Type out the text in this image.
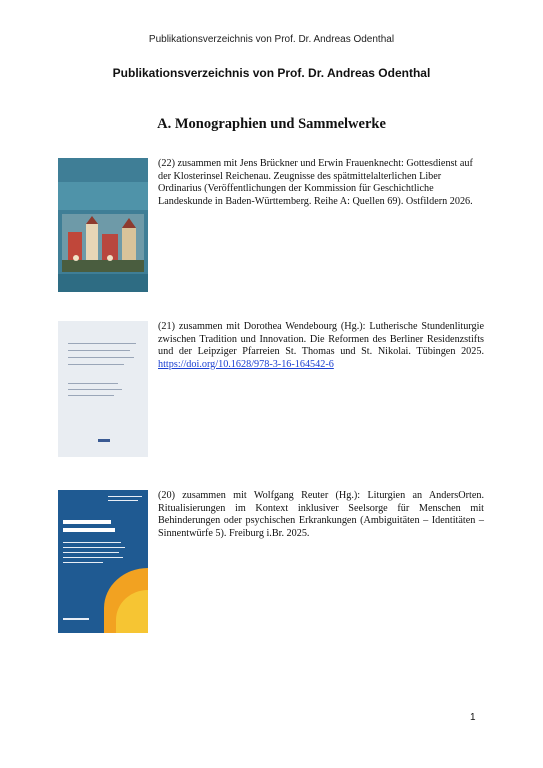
Publikationsverzeichnis von Prof. Dr. Andreas Odenthal
Publikationsverzeichnis von Prof. Dr. Andreas Odenthal
A. Monographien und Sammelwerke
(22) zusammen mit Jens Brückner und Erwin Frauenknecht: Gottesdienst auf der Klosterinsel Reichenau. Zeugnisse des spätmittelalterlichen Liber Ordinarius (Veröffentlichungen der Kommission für Geschichtliche Landeskunde in Baden-Württemberg. Reihe A: Quellen 69). Ostfildern 2026.
(21) zusammen mit Dorothea Wendebourg (Hg.): Lutherische Stundenliturgie zwischen Tradition und Innovation. Die Reformen des Berliner Residenzstifts und der Leipziger Pfarreien St. Thomas und St. Nikolai. Tübingen 2025. https://doi.org/10.1628/978-3-16-164542-6
(20) zusammen mit Wolfgang Reuter (Hg.): Liturgien an AndersOrten. Ritualisierungen im Kontext inklusiver Seelsorge für Menschen mit Behinderungen oder psychischen Erkrankungen (Ambiguitäten – Identitäten – Sinnentwürfe 5). Freiburg i.Br. 2025.
1
